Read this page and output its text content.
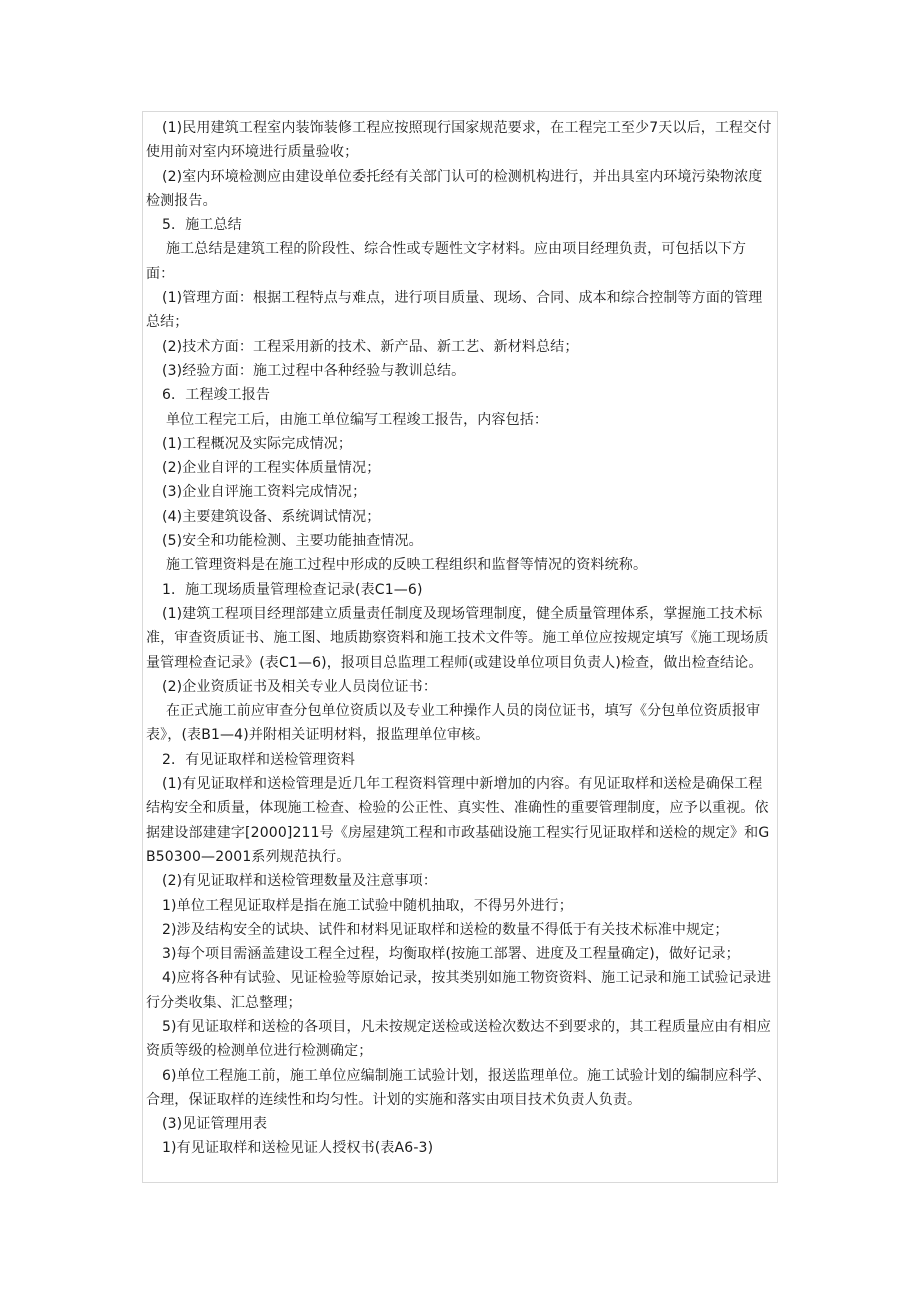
(1)民用建筑工程室内装饰装修工程应按照现行国家规范要求，在工程完工至少7天以后，工程交付使用前对室内环境进行质量验收；

(2)室内环境检测应由建设单位委托经有关部门认可的检测机构进行，并出具室内环境污染物浓度检测报告。

5．施工总结

施工总结是建筑工程的阶段性、综合性或专题性文字材料。应由项目经理负责，可包括以下方面：

(1)管理方面：根据工程特点与难点，进行项目质量、现场、合同、成本和综合控制等方面的管理总结；

(2)技术方面：工程采用新的技术、新产品、新工艺、新材料总结；

(3)经验方面：施工过程中各种经验与教训总结。

6．工程竣工报告

单位工程完工后，由施工单位编写工程竣工报告，内容包括：

(1)工程概况及实际完成情况；

(2)企业自评的工程实体质量情况；

(3)企业自评施工资料完成情况；

(4)主要建筑设备、系统调试情况；

(5)安全和功能检测、主要功能抽查情况。

施工管理资料是在施工过程中形成的反映工程组织和监督等情况的资料统称。

1．施工现场质量管理检查记录(表C1—6)

(1)建筑工程项目经理部建立质量责任制度及现场管理制度，健全质量管理体系，掌握施工技术标准，审查资质证书、施工图、地质勘察资料和施工技术文件等。施工单位应按规定填写《施工现场质量管理检查记录》(表C1—6)，报项目总监理工程师(或建设单位项目负责人)检查，做出检查结论。

(2)企业资质证书及相关专业人员岗位证书：

在正式施工前应审查分包单位资质以及专业工种操作人员的岗位证书，填写《分包单位资质报审表》，(表B1—4)并附相关证明材料，报监理单位审核。

2．有见证取样和送检管理资料

(1)有见证取样和送检管理是近几年工程资料管理中新增加的内容。有见证取样和送检是确保工程结构安全和质量，体现施工检查、检验的公正性、真实性、准确性的重要管理制度，应予以重视。依据建设部建建字[2000]211号《房屋建筑工程和市政基础设施工程实行见证取样和送检的规定》和GB50300—2001系列规范执行。

(2)有见证取样和送检管理数量及注意事项：

1)单位工程见证取样是指在施工试验中随机抽取，不得另外进行；

2)涉及结构安全的试块、试件和材料见证取样和送检的数量不得低于有关技术标准中规定；

3)每个项目需涵盖建设工程全过程，均衡取样(按施工部署、进度及工程量确定)，做好记录；

4)应将各种有试验、见证检验等原始记录，按其类别如施工物资资料、施工记录和施工试验记录进行分类收集、汇总整理；

5)有见证取样和送检的各项目，凡未按规定送检或送检次数达不到要求的，其工程质量应由有相应资质等级的检测单位进行检测确定；

6)单位工程施工前，施工单位应编制施工试验计划，报送监理单位。施工试验计划的编制应科学、合理，保证取样的连续性和均匀性。计划的实施和落实由项目技术负责人负责。

(3)见证管理用表

1)有见证取样和送检见证人授权书(表A6-3)
